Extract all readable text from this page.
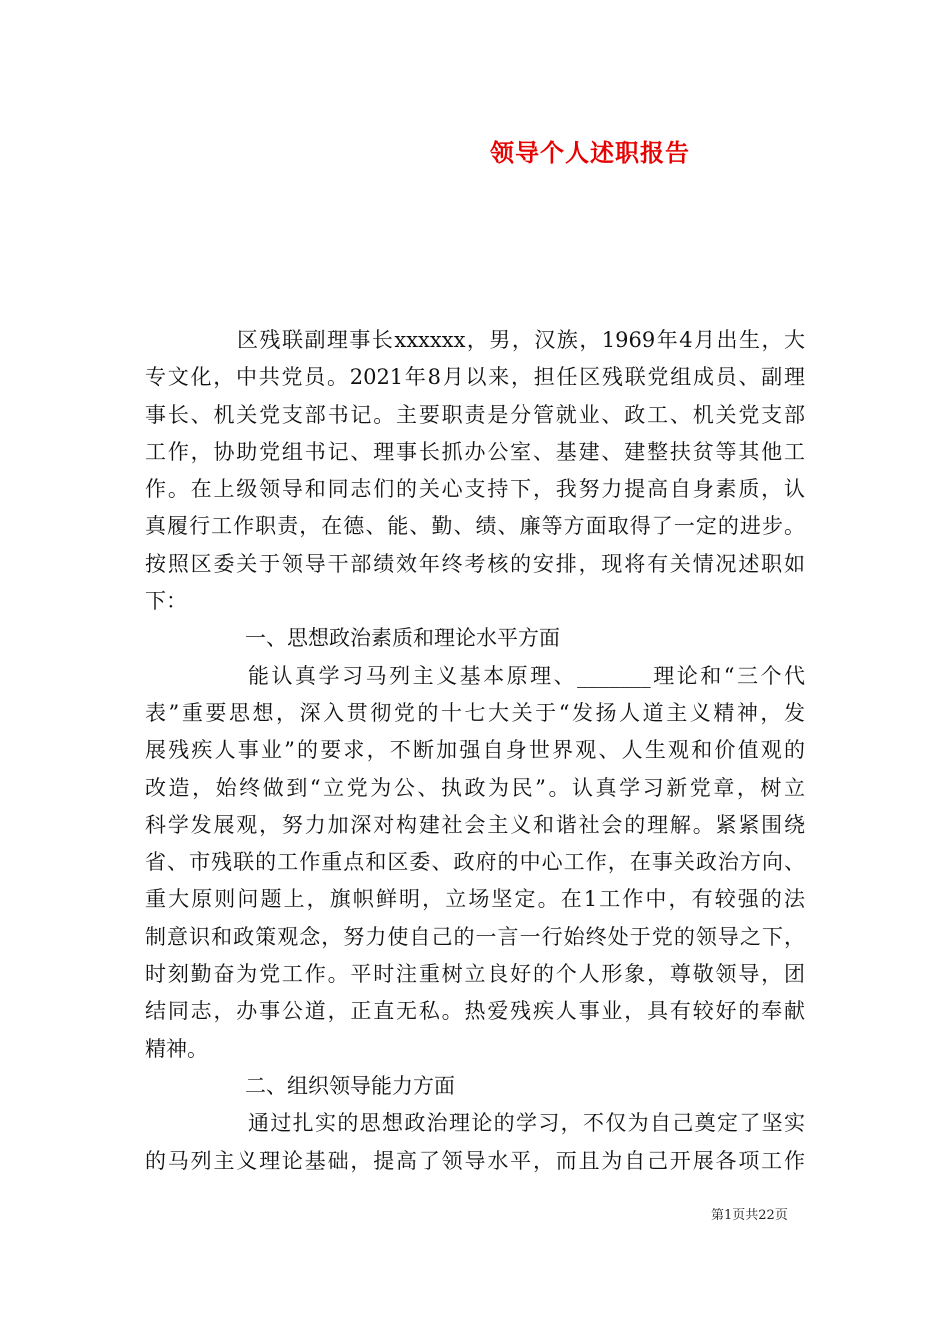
领导个人述职报告
区残联副理事长xxxxxx，男，汉族，1969年4月出生，大
专文化，中共党员。2021年8月以来，担任区残联党组成员、副理
事长、机关党支部书记。主要职责是分管就业、政工、机关党支部
工作，协助党组书记、理事长抓办公室、基建、建整扶贫等其他工
作。在上级领导和同志们的关心支持下，我努力提高自身素质，认
真履行工作职责，在德、能、勤、绩、廉等方面取得了一定的进步。
按照区委关于领导干部绩效年终考核的安排，现将有关情况述职如
下：
一、思想政治素质和理论水平方面
能认真学习马列主义基本原理、_______理论和“三个代
表”重要思想，深入贯彻党的十七大关于“发扬人道主义精神，发
展残疾人事业”的要求，不断加强自身世界观、人生观和价值观的
改造，始终做到“立党为公、执政为民”。认真学习新党章，树立
科学发展观，努力加深对构建社会主义和谐社会的理解。紧紧围绕
省、市残联的工作重点和区委、政府的中心工作，在事关政治方向、
重大原则问题上，旗帜鲜明，立场坚定。在1工作中，有较强的法
制意识和政策观念，努力使自己的一言一行始终处于党的领导之下，
时刻勤奋为党工作。平时注重树立良好的个人形象，尊敬领导，团
结同志，办事公道，正直无私。热爱残疾人事业，具有较好的奉献
精神。
二、组织领导能力方面
通过扎实的思想政治理论的学习，不仅为自己奠定了坚实
的马列主义理论基础，提高了领导水平，而且为自己开展各项工作
第1页共22页
